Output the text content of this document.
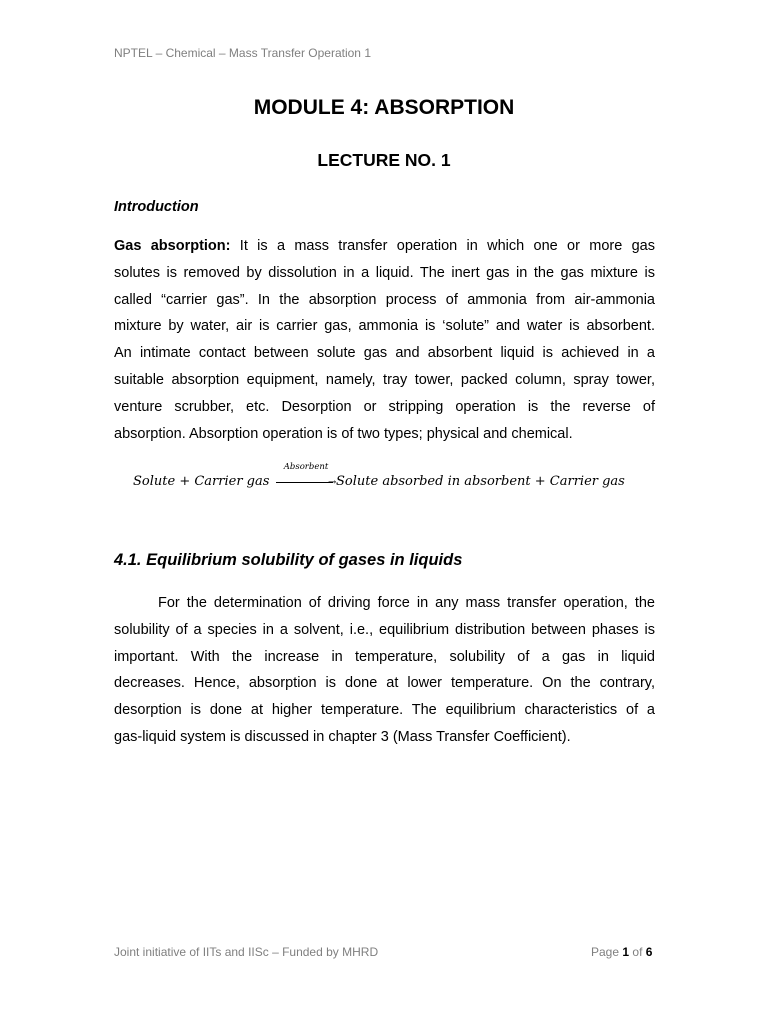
NPTEL – Chemical – Mass Transfer Operation 1
MODULE 4: ABSORPTION
LECTURE NO. 1
Introduction
Gas absorption: It is a mass transfer operation in which one or more gas
solutes is removed by dissolution in a liquid. The inert gas in the gas mixture is
called “carrier gas”. In the absorption process of ammonia from air-ammonia
mixture by water, air is carrier gas, ammonia is ‘solute” and water is absorbent.
An intimate contact between solute gas and absorbent liquid is achieved in a
suitable absorption equipment, namely, tray tower, packed column, spray tower,
venture scrubber, etc. Desorption or stripping operation is the reverse of
absorption. Absorption operation is of two types; physical and chemical.
Solute + Carrier gas
Absorbent
→ Solute absorbed in absorbent + Carrier gas
4.1. Equilibrium solubility of gases in liquids
For the determination of driving force in any mass transfer operation, the
solubility of a species in a solvent, i.e., equilibrium distribution between phases is
important. With the increase in temperature, solubility of a gas in liquid
decreases. Hence, absorption is done at lower temperature. On the contrary,
desorption is done at higher temperature. The equilibrium characteristics of a
gas-liquid system is discussed in chapter 3 (Mass Transfer Coefficient).
Joint initiative of IITs and IISc – Funded by MHRD	Page 1 of 6
